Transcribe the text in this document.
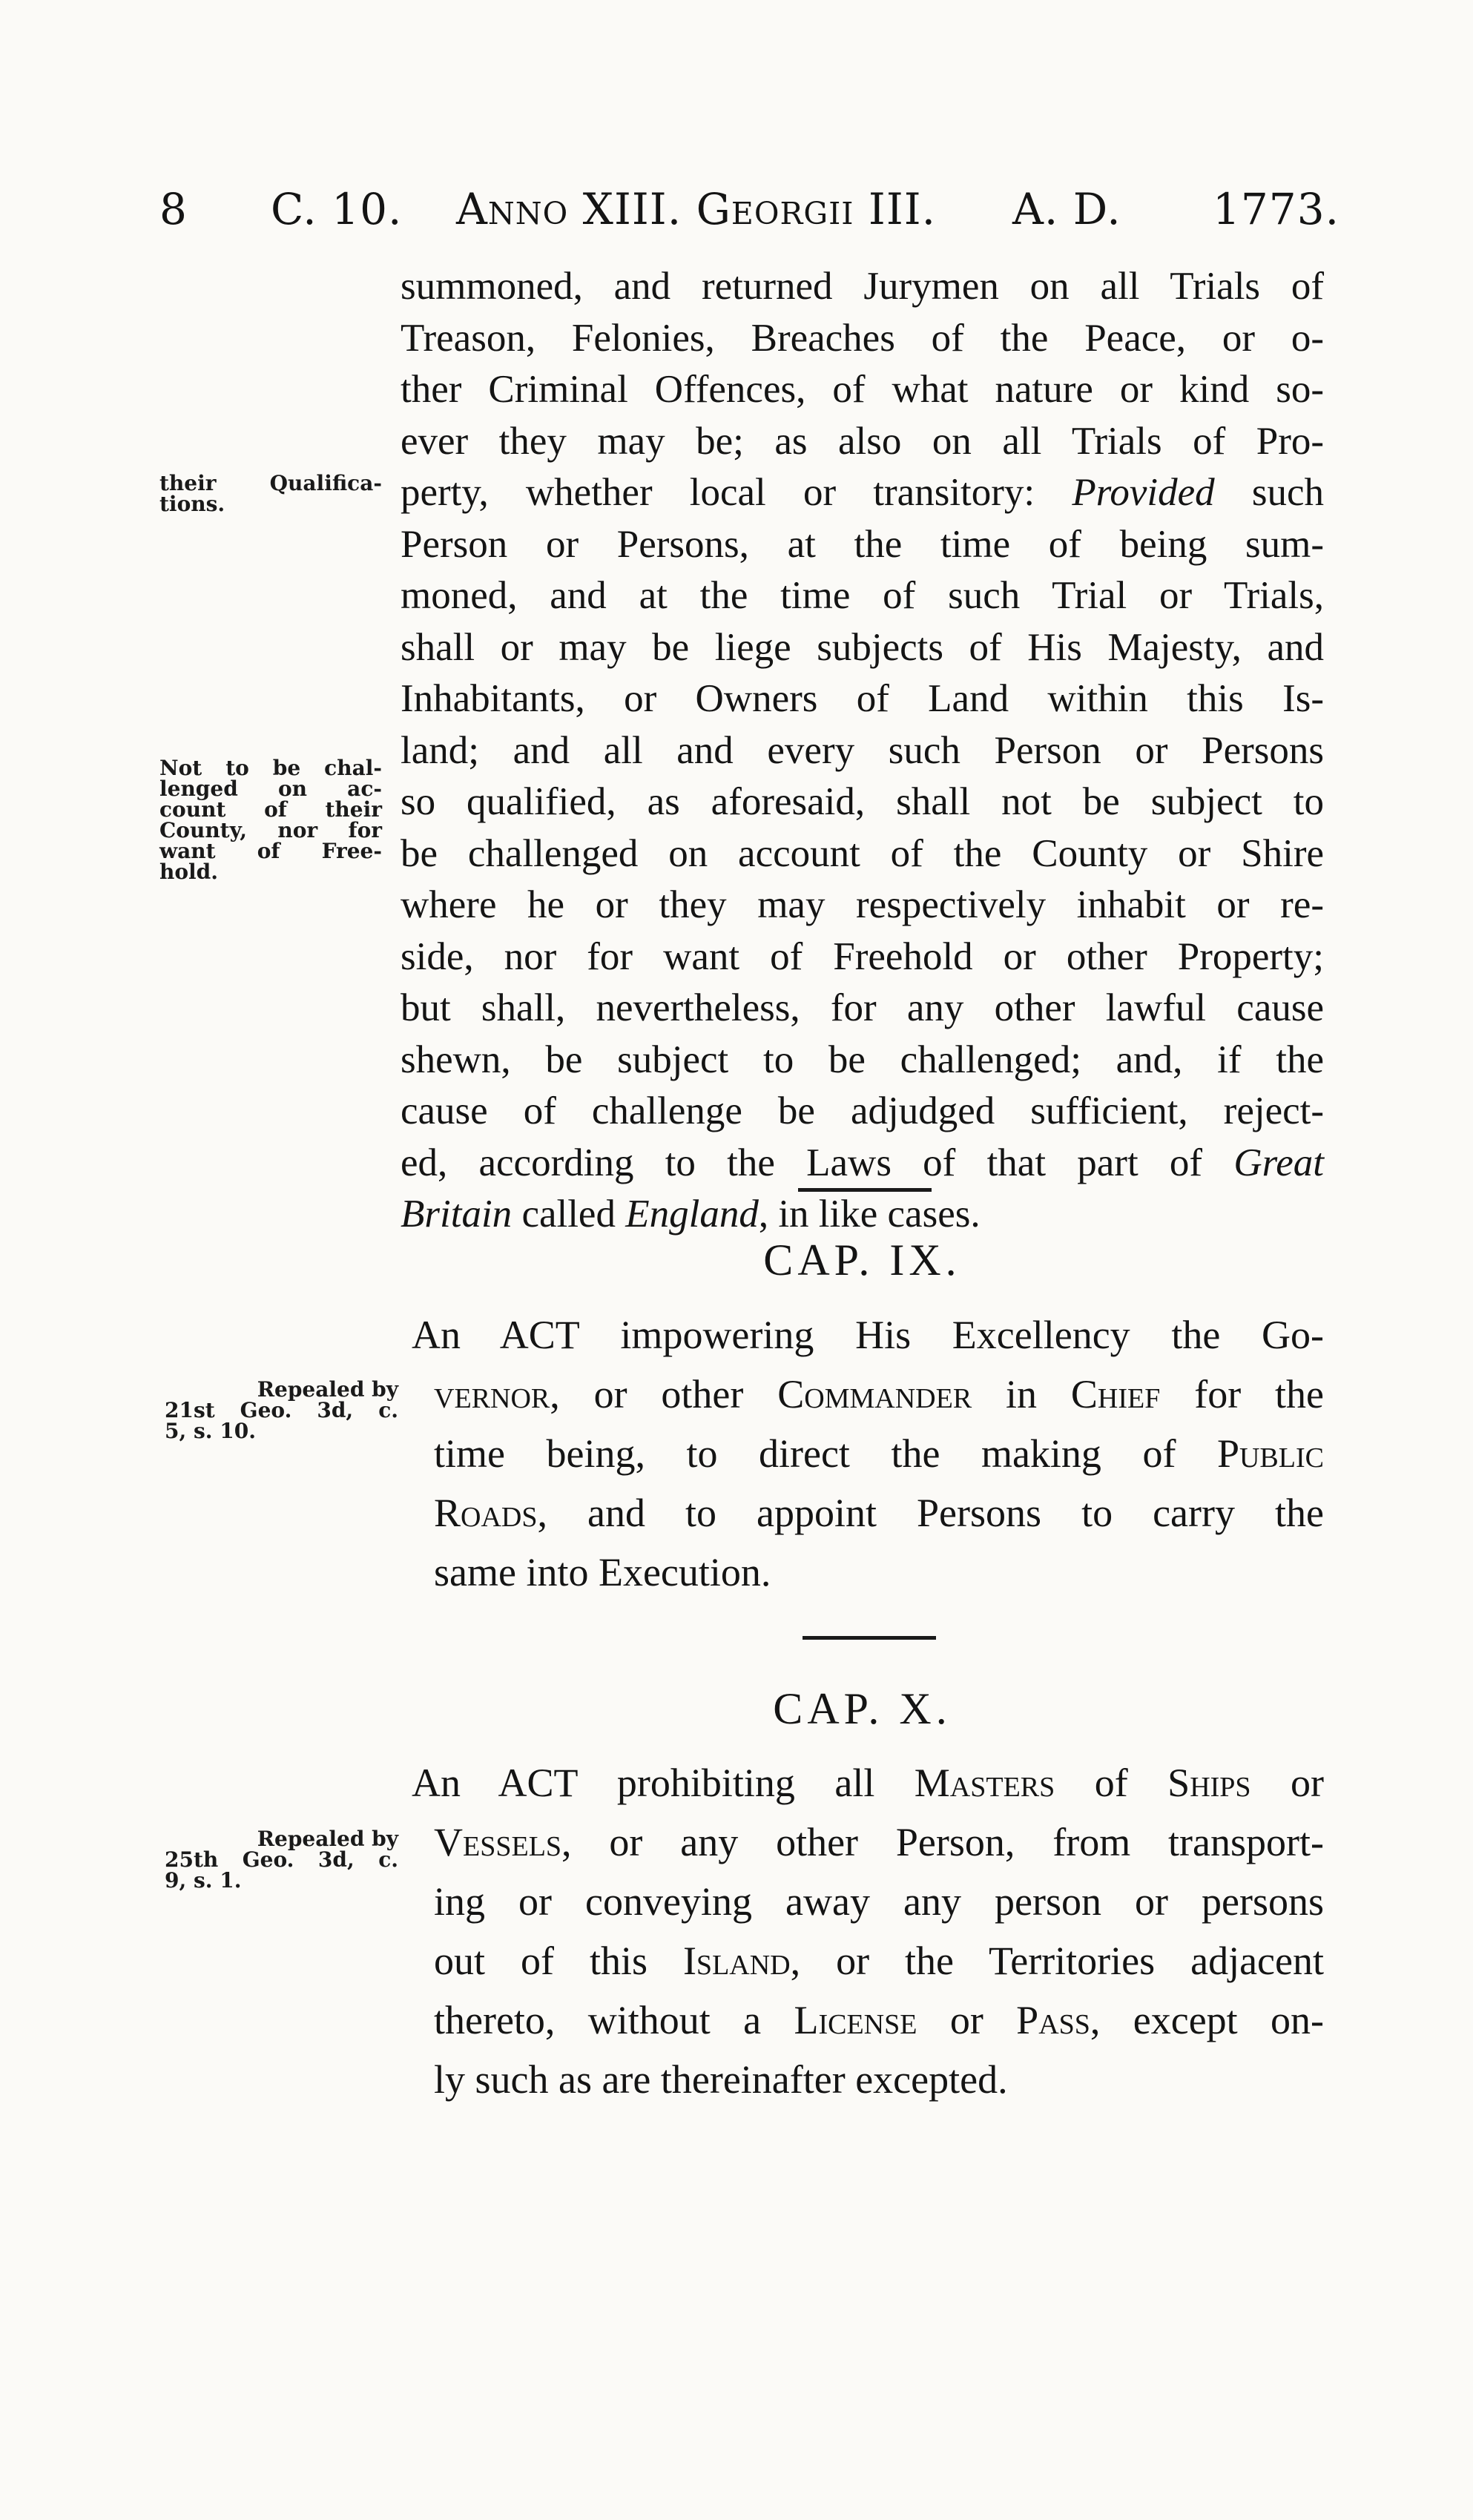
8 C. 10. Anno XIII. Georgii III. A. D. 1773.
summoned, and returned Jurymen on all Trials of
Treason, Felonies, Breaches of the Peace, or o-
ther Criminal Offences, of what nature or kind so-
ever they may be; as also on all Trials of Pro-
perty, whether local or transitory: Provided such
Person or Persons, at the time of being sum-
moned, and at the time of such Trial or Trials,
shall or may be liege subjects of His Majesty, and
Inhabitants, or Owners of Land within this Is-
land; and all and every such Person or Persons
so qualified, as aforesaid, shall not be subject to
be challenged on account of the County or Shire
where he or they may respectively inhabit or re-
side, nor for want of Freehold or other Property;
but shall, nevertheless, for any other lawful cause
shewn, be subject to be challenged; and, if the
cause of challenge be adjudged sufficient, reject-
ed, according to the Laws of that part of Great
Britain called England, in like cases.
their Qualifica-
tions.
Not to be chal-
lenged on ac-
count of their
County, nor for
want of Free-
hold.
CAP. IX.
An ACT impowering His Excellency the Go-
vernor, or other Commander in Chief for the
time being, to direct the making of Public
Roads, and to appoint Persons to carry the
same into Execution.
Repealed by
21st Geo. 3d, c.
5, s. 10.
CAP. X.
An ACT prohibiting all Masters of Ships or
Vessels, or any other Person, from transport-
ing or conveying away any person or persons
out of this Island, or the Territories adjacent
thereto, without a License or Pass, except on-
ly such as are thereinafter excepted.
Repealed by
25th Geo. 3d, c.
9, s. 1.
